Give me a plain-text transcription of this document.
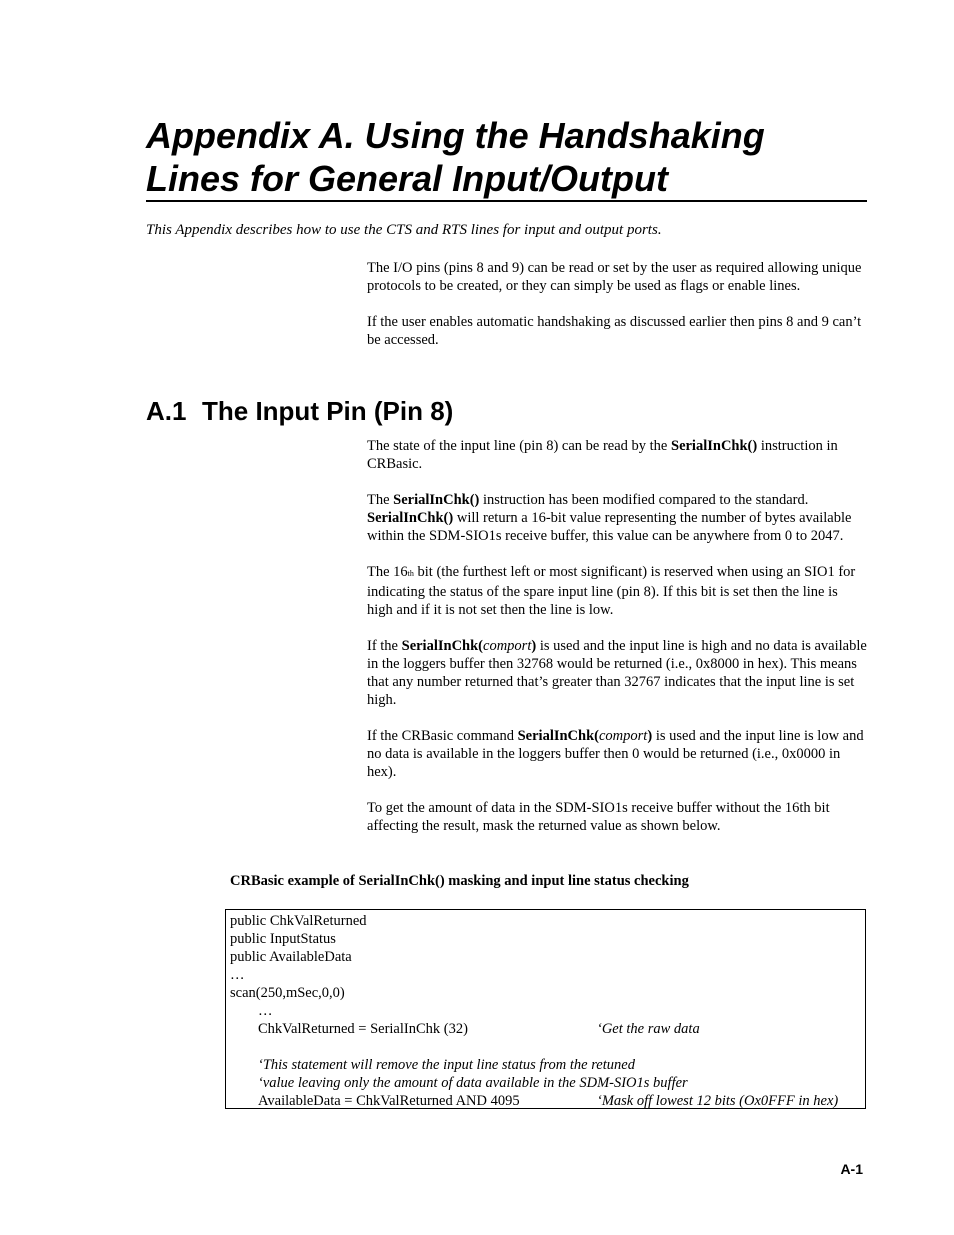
Appendix A. Using the Handshaking
Lines for General Input/Output

This Appendix describes how to use the CTS and RTS lines for input and output ports.

The I/O pins (pins 8 and 9) can be read or set by the user as required allowing unique protocols to be created, or they can simply be used as flags or enable lines.

If the user enables automatic handshaking as discussed earlier then pins 8 and 9 can’t be accessed.

A.1 The Input Pin (Pin 8)

The state of the input line (pin 8) can be read by the SerialInChk() instruction in CRBasic.

The SerialInChk() instruction has been modified compared to the standard. SerialInChk() will return a 16-bit value representing the number of bytes available within the SDM-SIO1s receive buffer, this value can be anywhere from 0 to 2047.

The 16th bit (the furthest left or most significant) is reserved when using an SIO1 for indicating the status of the spare input line (pin 8). If this bit is set then the line is high and if it is not set then the line is low.

If the SerialInChk(comport) is used and the input line is high and no data is available in the loggers buffer then 32768 would be returned (i.e., 0x8000 in hex). This means that any number returned that’s greater than 32767 indicates that the input line is set high.

If the CRBasic command SerialInChk(comport) is used and the input line is low and no data is available in the loggers buffer then 0 would be returned (i.e., 0x0000 in hex).

To get the amount of data in the SDM-SIO1s receive buffer without the 16th bit affecting the result, mask the returned value as shown below.

CRBasic example of SerialInChk() masking and input line status checking

public ChkValReturned
public InputStatus
public AvailableData
…
scan(250,mSec,0,0)
…
ChkValReturned = SerialInChk (32)	‘Get the raw data
‘This statement will remove the input line status from the retuned
‘value leaving only the amount of data available in the SDM-SIO1s buffer
AvailableData = ChkValReturned AND 4095	‘Mask off lowest 12 bits (Ox0FFF in hex)
A-1
